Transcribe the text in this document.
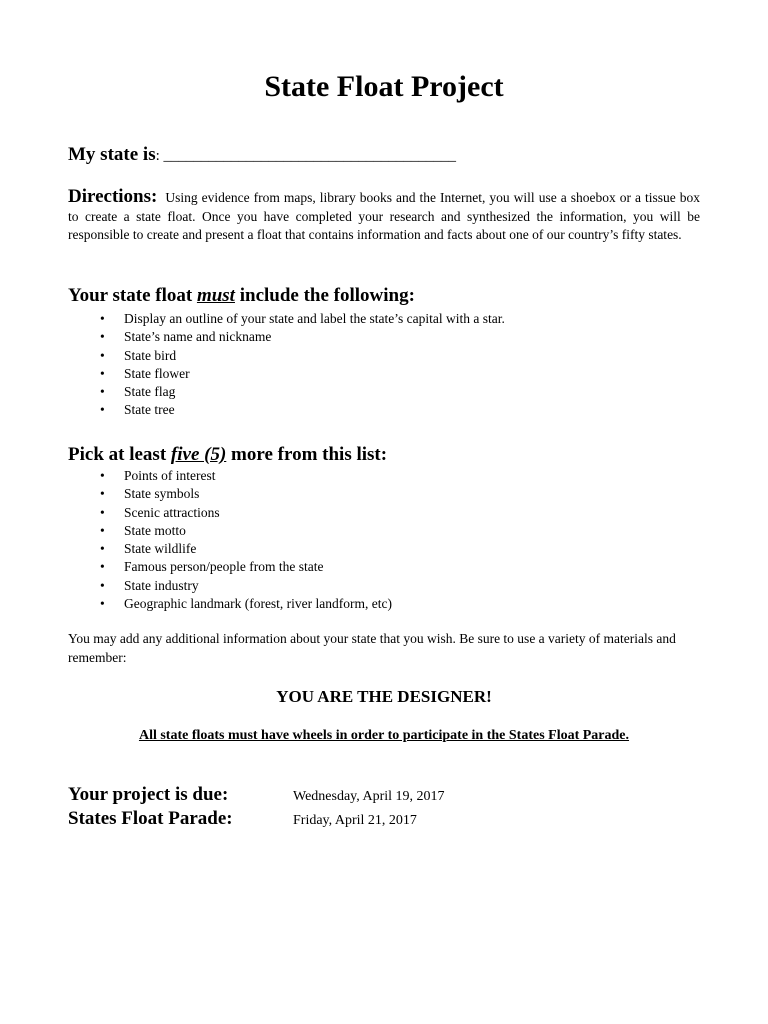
State Float Project
My state is: _______________________________________

Directions: Using evidence from maps, library books and the Internet, you will use a shoebox or a tissue box to create a state float. Once you have completed your research and synthesized the information, you will be responsible to create and present a float that contains information and facts about one of our country’s fifty states.

Your state float must include the following:
• Display an outline of your state and label the state’s capital with a star.
• State’s name and nickname
• State bird
• State flower
• State flag
• State tree
Pick at least five (5) more from this list:
• Points of interest
• State symbols
• Scenic attractions
• State motto
• State wildlife
• Famous person/people from the state
• State industry
• Geographic landmark (forest, river landform, etc)

You may add any additional information about your state that you wish. Be sure to use a variety of materials and remember:

YOU ARE THE DESIGNER!

All state floats must have wheels in order to participate in the States Float Parade.

Your project is due:	Wednesday, April 19, 2017
States Float Parade:	Friday, April 21, 2017
